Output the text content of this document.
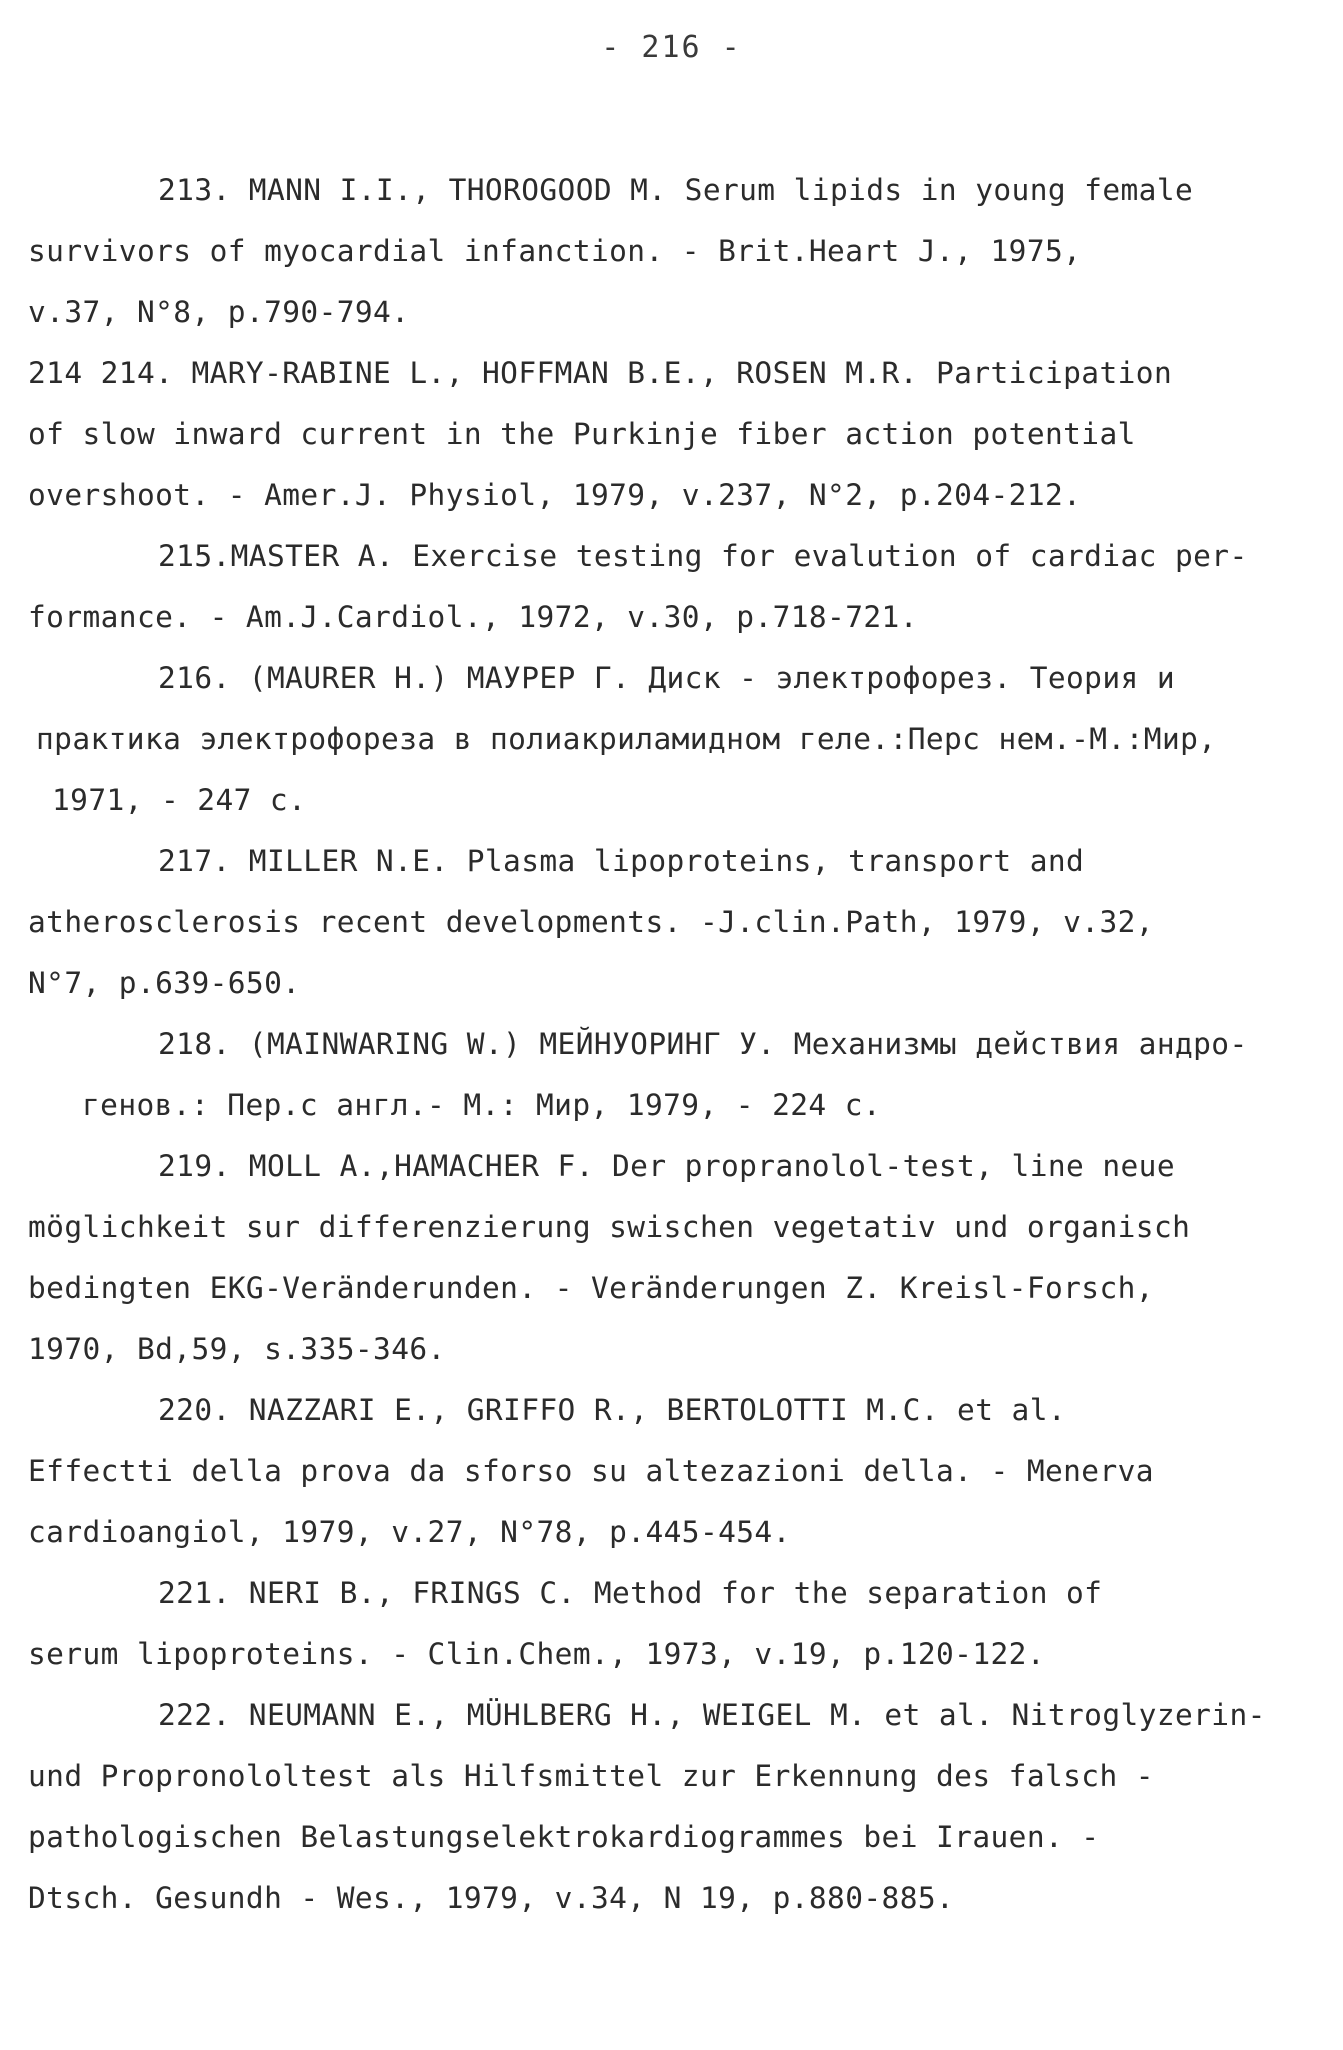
- 216 -
213. MANN I.I., THOROGOOD M. Serum lipids in young female
survivors of myocardial infanction. - Brit.Heart J., 1975,
v.37, N°8, p.790-794.
214 214. MARY-RABINE L., HOFFMAN B.E., ROSEN M.R. Participation
of slow inward current in the Purkinje fiber action potential
overshoot. - Amer.J. Physiol, 1979, v.237, N°2, p.204-212.
215.MASTER A. Exercise testing for evalution of cardiac per-
formance. - Am.J.Cardiol., 1972, v.30, p.718-721.
216. (MAURER H.) МАУРЕР Г. Диск - электрофорез. Теория и
практика электрофореза в полиакриламидном геле.:Перс нем.-М.:Мир,
1971, - 247 с.
217. MILLER N.E. Plasma lipoproteins, transport and
atherosclerosis recent developments. -J.clin.Path, 1979, v.32,
N°7, p.639-650.
218. (MAINWARING W.) МЕЙНУОРИНГ У. Механизмы действия андро-
генов.: Пер.с англ.- М.: Мир, 1979, - 224 с.
219. MOLL A.,HAMACHER F. Der propranolol-test, line neue
möglichkeit sur differenzierung swischen vegetativ und organisch
bedingten EKG-Veränderunden. - Veränderungen Z. Kreisl-Forsch,
1970, Bd,59, s.335-346.
220. NAZZARI E., GRIFFO R., BERTOLOTTI M.C. et al.
Effectti della prova da sforso su altezazioni della. - Menerva
cardioangiol, 1979, v.27, N°78, p.445-454.
221. NERI B., FRINGS C. Method for the separation of
serum lipoproteins. - Clin.Chem., 1973, v.19, p.120-122.
222. NEUMANN E., MÜHLBERG H., WEIGEL M. et al. Nitroglyzerin-
und Propronololtest als Hilfsmittel zur Erkennung des falsch -
pathologischen Belastungselektrokardiogrammes bei Irauen. -
Dtsch. Gesundh - Wes., 1979, v.34, N 19, p.880-885.
